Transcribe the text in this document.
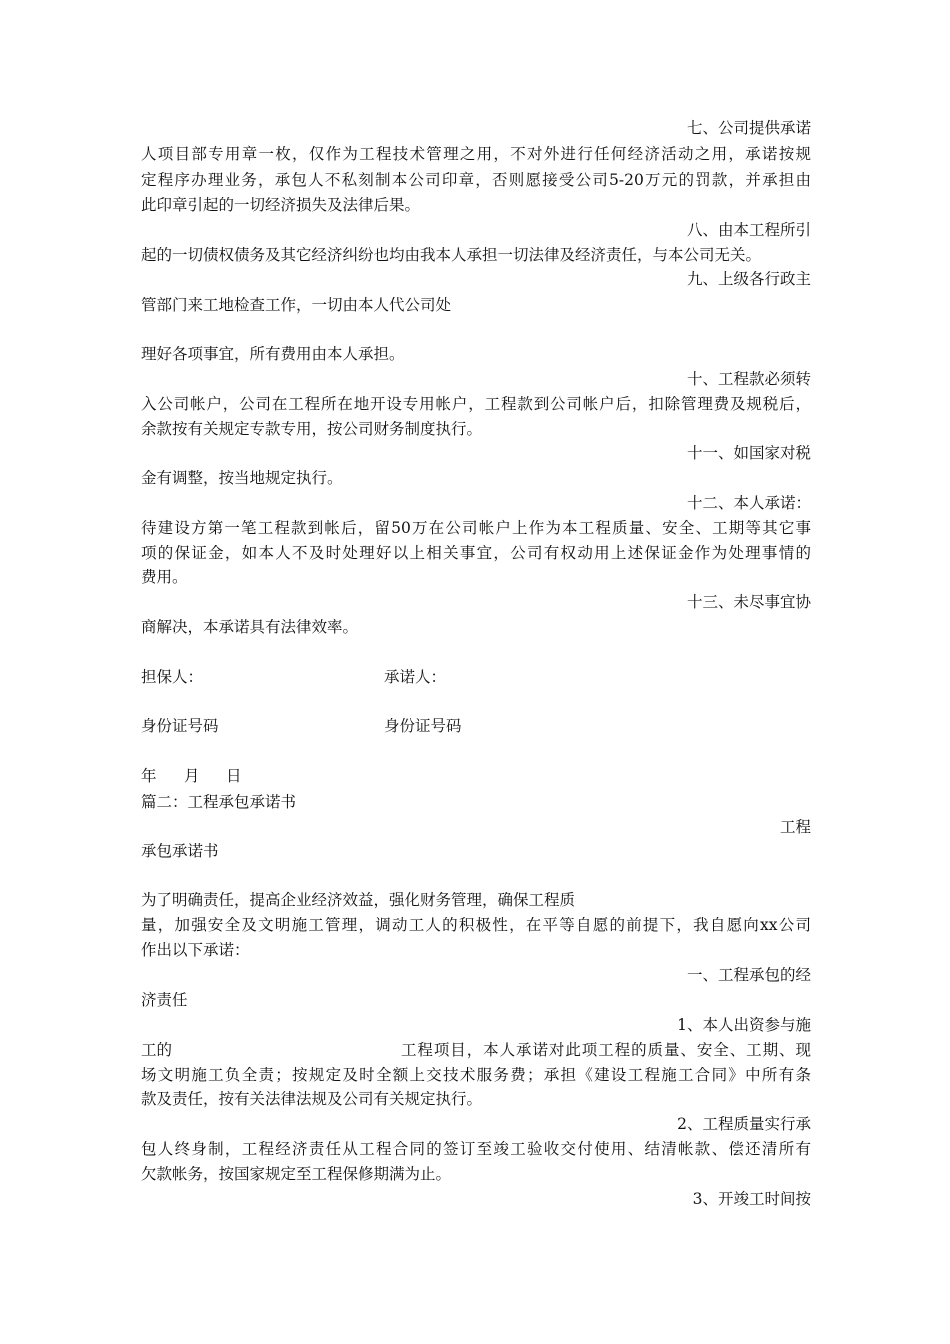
七、公司提供承诺
人项目部专用章一枚，仅作为工程技术管理之用，不对外进行任何经济活动之用，承诺按规
定程序办理业务，承包人不私刻制本公司印章，否则愿接受公司5-20万元的罚款，并承担由
此印章引起的一切经济损失及法律后果。
八、由本工程所引
起的一切债权债务及其它经济纠纷也均由我本人承担一切法律及经济责任，与本公司无关。
九、上级各行政主
管部门来工地检查工作，一切由本人代公司处
理好各项事宜，所有费用由本人承担。
十、工程款必须转
入公司帐户，公司在工程所在地开设专用帐户，工程款到公司帐户后，扣除管理费及规税后，
余款按有关规定专款专用，按公司财务制度执行。
十一、如国家对税
金有调整，按当地规定执行。
十二、本人承诺：
待建设方第一笔工程款到帐后，留50万在公司帐户上作为本工程质量、安全、工期等其它事
项的保证金，如本人不及时处理好以上相关事宜，公司有权动用上述保证金作为处理事情的
费用。
十三、未尽事宜协
商解决，本承诺具有法律效率。
担保人：	承诺人：
身份证号码	身份证号码
年 月 日
篇二：工程承包承诺书
工程
承包承诺书
为了明确责任，提高企业经济效益，强化财务管理，确保工程质
量，加强安全及文明施工管理，调动工人的积极性，在平等自愿的前提下，我自愿向xx公司
作出以下承诺：
一、工程承包的经
济责任
1、本人出资参与施
工的	工程项目，本人承诺对此项工程的质量、安全、工期、现
场文明施工负全责；按规定及时全额上交技术服务费；承担《建设工程施工合同》中所有条
款及责任，按有关法律法规及公司有关规定执行。
2、工程质量实行承
包人终身制，工程经济责任从工程合同的签订至竣工验收交付使用、结清帐款、偿还清所有
欠款帐务，按国家规定至工程保修期满为止。
3、开竣工时间按
